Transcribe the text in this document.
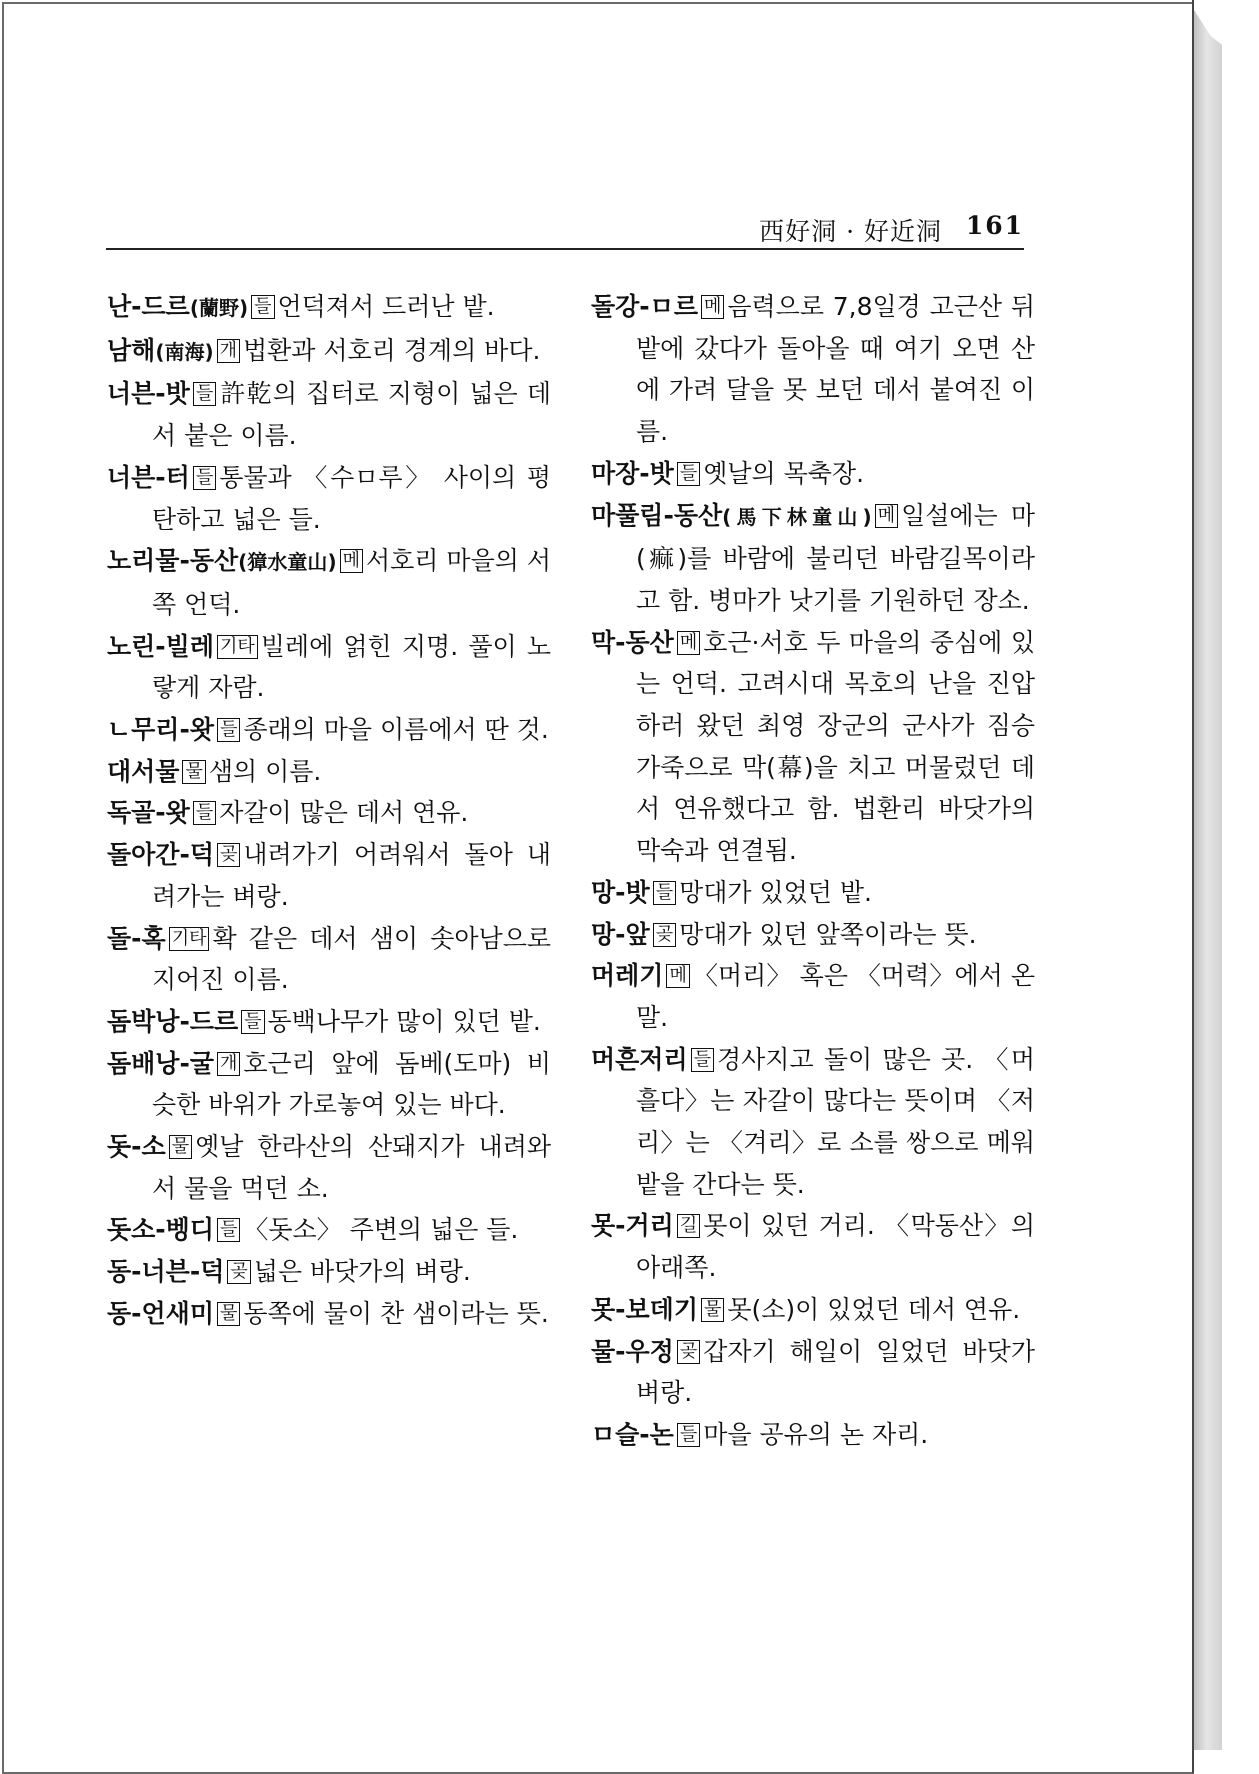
西好洞 · 好近洞 161

난-드르(蘭野) 들 언덕져서 드러난 밭.

남해(南海) 개 법환과 서호리 경계의 바다.

너븐-밧 들 許乾의 집터로 지형이 넓은 데서 붙은 이름.

너븐-터 들 통물과 〈수ㅁ루〉 사이의 평탄하고 넓은 들.

노리물-동산(獐水童山) 메 서호리 마을의 서쪽 언덕.

노린-빌레 기타 빌레에 얽힌 지명. 풀이 노랗게 자람.

ㄴ무리-왓 들 종래의 마을 이름에서 딴 것.

대서물 물 샘의 이름.

독골-왓 들 자갈이 많은 데서 연유.

돌아간-덕 곶 내려가기 어려워서 돌아 내려가는 벼랑.

돌-혹 기타 확 같은 데서 샘이 솟아남으로 지어진 이름.

돔박낭-드르 들 동백나무가 많이 있던 밭.

돔배낭-굴 개 호근리 앞에 돔베(도마) 비슷한 바위가 가로놓여 있는 바다.

돗-소 물 옛날 한라산의 산돼지가 내려와서 물을 먹던 소.

돗소-벵디 들 〈돗소〉 주변의 넓은 들.

동-너븐-덕 곶 넓은 바닷가의 벼랑.

동-언새미 물 동쪽에 물이 찬 샘이라는 뜻.

돌강-ㅁ르 메 음력으로 7,8일경 고근산 뒤 밭에 갔다가 돌아올 때 여기 오면 산에 가려 달을 못 보던 데서 붙여진 이름.

마장-밧 들 옛날의 목축장.

마풀림-동산(馬下林童山) 메 일설에는 마(痲)를 바람에 불리던 바람길목이라고 함. 병마가 낫기를 기원하던 장소.

막-동산 메 호근·서호 두 마을의 중심에 있는 언덕. 고려시대 목호의 난을 진압하러 왔던 최영 장군의 군사가 짐승가죽으로 막(幕)을 치고 머물렀던 데서 연유했다고 함. 법환리 바닷가의 막숙과 연결됨.

망-밧 들 망대가 있었던 밭.

망-앞 곶 망대가 있던 앞쪽이라는 뜻.

머레기 메 〈머리〉 혹은 〈머력〉에서 온 말.

머흔저리 들 경사지고 돌이 많은 곳. 〈머흘다〉는 자갈이 많다는 뜻이며 〈저리〉는 〈겨리〉로 소를 쌍으로 메워 밭을 간다는 뜻.

못-거리 길 못이 있던 거리. 〈막동산〉의 아래쪽.

못-보데기 물 못(소)이 있었던 데서 연유.

물-우정 곶 갑자기 해일이 일었던 바닷가 벼랑.

ㅁ슬-논 들 마을 공유의 논 자리.
